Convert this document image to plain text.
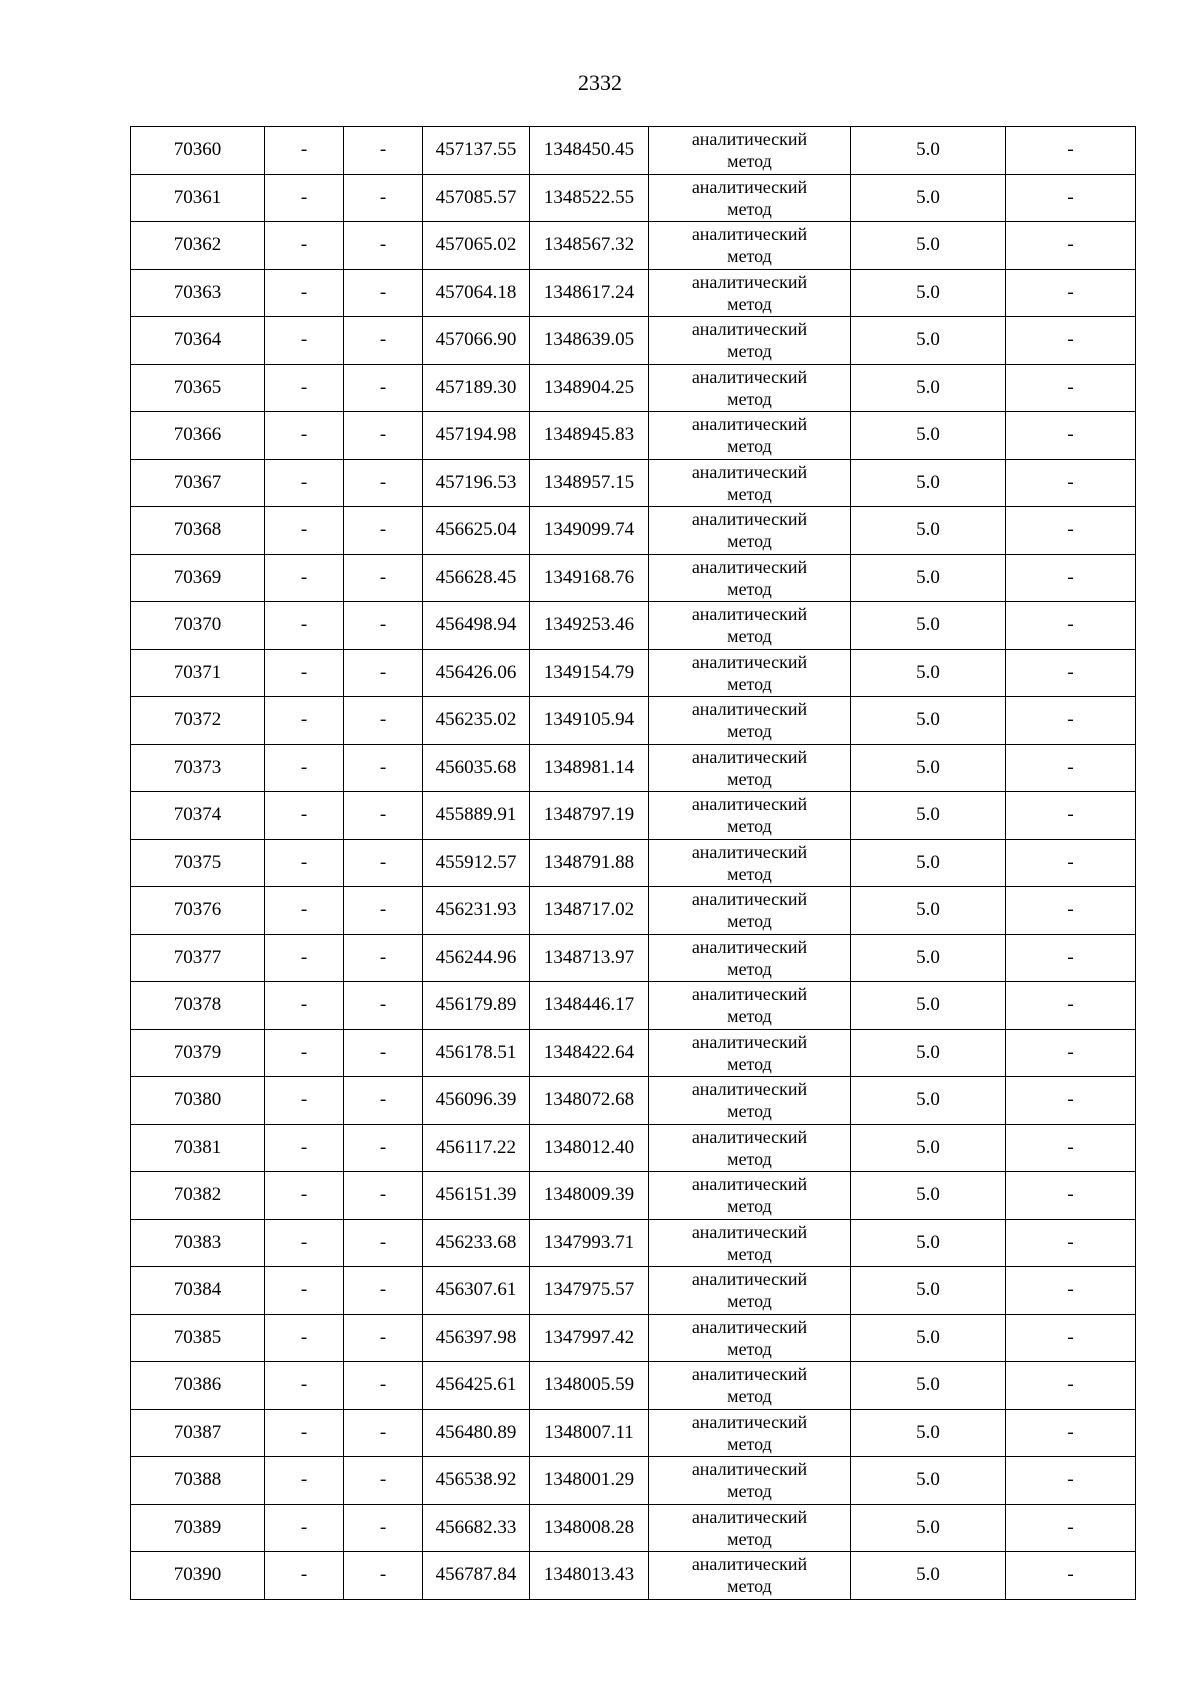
2332
70360	-	-	457137.55	1348450.45	аналитический
метод	5.0	-
70361	-	-	457085.57	1348522.55	аналитический
метод	5.0	-
70362	-	-	457065.02	1348567.32	аналитический
метод	5.0	-
70363	-	-	457064.18	1348617.24	аналитический
метод	5.0	-
70364	-	-	457066.90	1348639.05	аналитический
метод	5.0	-
70365	-	-	457189.30	1348904.25	аналитический
метод	5.0	-
70366	-	-	457194.98	1348945.83	аналитический
метод	5.0	-
70367	-	-	457196.53	1348957.15	аналитический
метод	5.0	-
70368	-	-	456625.04	1349099.74	аналитический
метод	5.0	-
70369	-	-	456628.45	1349168.76	аналитический
метод	5.0	-
70370	-	-	456498.94	1349253.46	аналитический
метод	5.0	-
70371	-	-	456426.06	1349154.79	аналитический
метод	5.0	-
70372	-	-	456235.02	1349105.94	аналитический
метод	5.0	-
70373	-	-	456035.68	1348981.14	аналитический
метод	5.0	-
70374	-	-	455889.91	1348797.19	аналитический
метод	5.0	-
70375	-	-	455912.57	1348791.88	аналитический
метод	5.0	-
70376	-	-	456231.93	1348717.02	аналитический
метод	5.0	-
70377	-	-	456244.96	1348713.97	аналитический
метод	5.0	-
70378	-	-	456179.89	1348446.17	аналитический
метод	5.0	-
70379	-	-	456178.51	1348422.64	аналитический
метод	5.0	-
70380	-	-	456096.39	1348072.68	аналитический
метод	5.0	-
70381	-	-	456117.22	1348012.40	аналитический
метод	5.0	-
70382	-	-	456151.39	1348009.39	аналитический
метод	5.0	-
70383	-	-	456233.68	1347993.71	аналитический
метод	5.0	-
70384	-	-	456307.61	1347975.57	аналитический
метод	5.0	-
70385	-	-	456397.98	1347997.42	аналитический
метод	5.0	-
70386	-	-	456425.61	1348005.59	аналитический
метод	5.0	-
70387	-	-	456480.89	1348007.11	аналитический
метод	5.0	-
70388	-	-	456538.92	1348001.29	аналитический
метод	5.0	-
70389	-	-	456682.33	1348008.28	аналитический
метод	5.0	-
70390	-	-	456787.84	1348013.43	аналитический
метод	5.0	-
